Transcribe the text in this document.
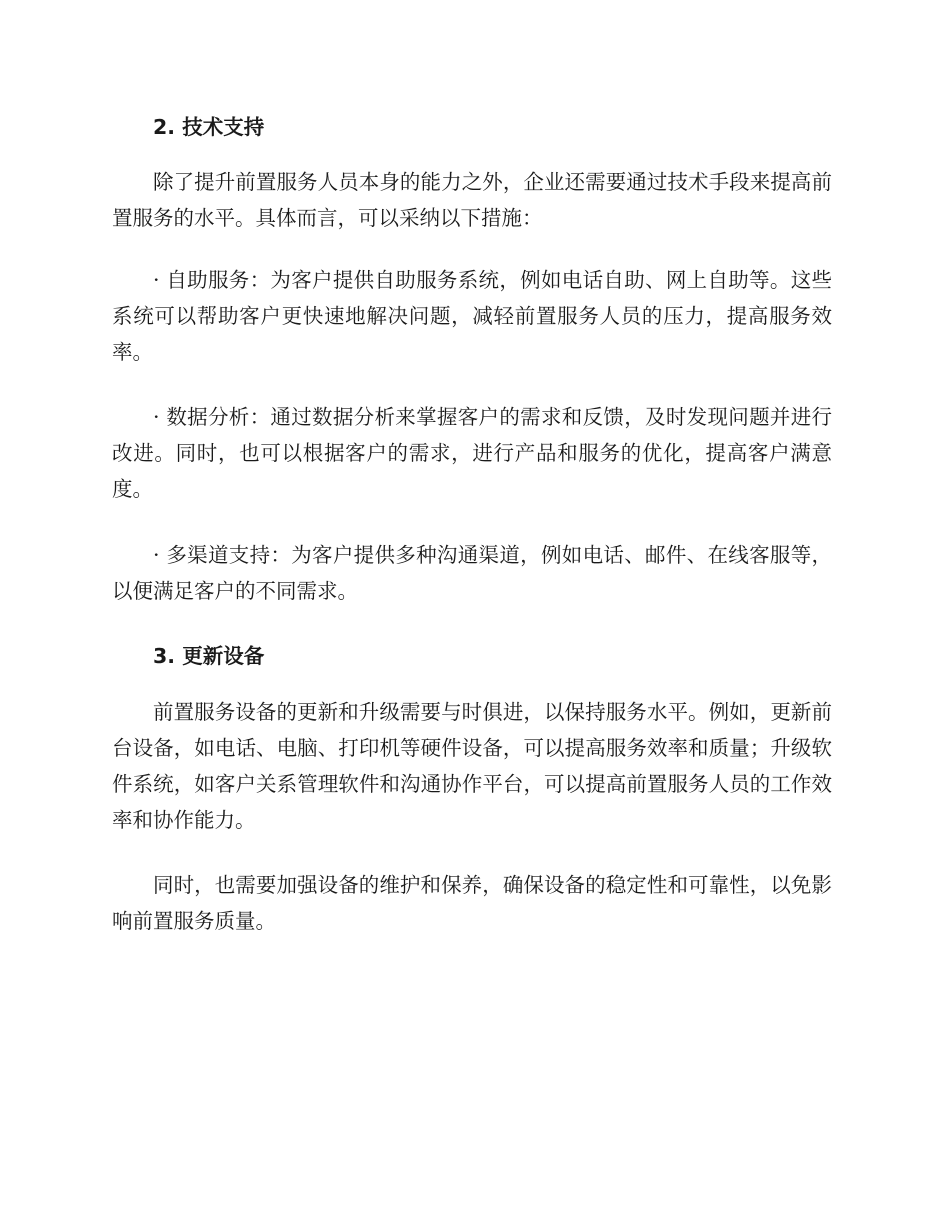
2. 技术支持

除了提升前置服务人员本身的能力之外，企业还需要通过技术手段来提高前置服务的水平。具体而言，可以采纳以下措施：

· 自助服务：为客户提供自助服务系统，例如电话自助、网上自助等。这些系统可以帮助客户更快速地解决问题，减轻前置服务人员的压力，提高服务效率。

· 数据分析：通过数据分析来掌握客户的需求和反馈，及时发现问题并进行改进。同时，也可以根据客户的需求，进行产品和服务的优化，提高客户满意度。

· 多渠道支持：为客户提供多种沟通渠道，例如电话、邮件、在线客服等，以便满足客户的不同需求。

3. 更新设备

前置服务设备的更新和升级需要与时俱进，以保持服务水平。例如，更新前台设备，如电话、电脑、打印机等硬件设备，可以提高服务效率和质量；升级软件系统，如客户关系管理软件和沟通协作平台，可以提高前置服务人员的工作效率和协作能力。

同时，也需要加强设备的维护和保养，确保设备的稳定性和可靠性，以免影响前置服务质量。
